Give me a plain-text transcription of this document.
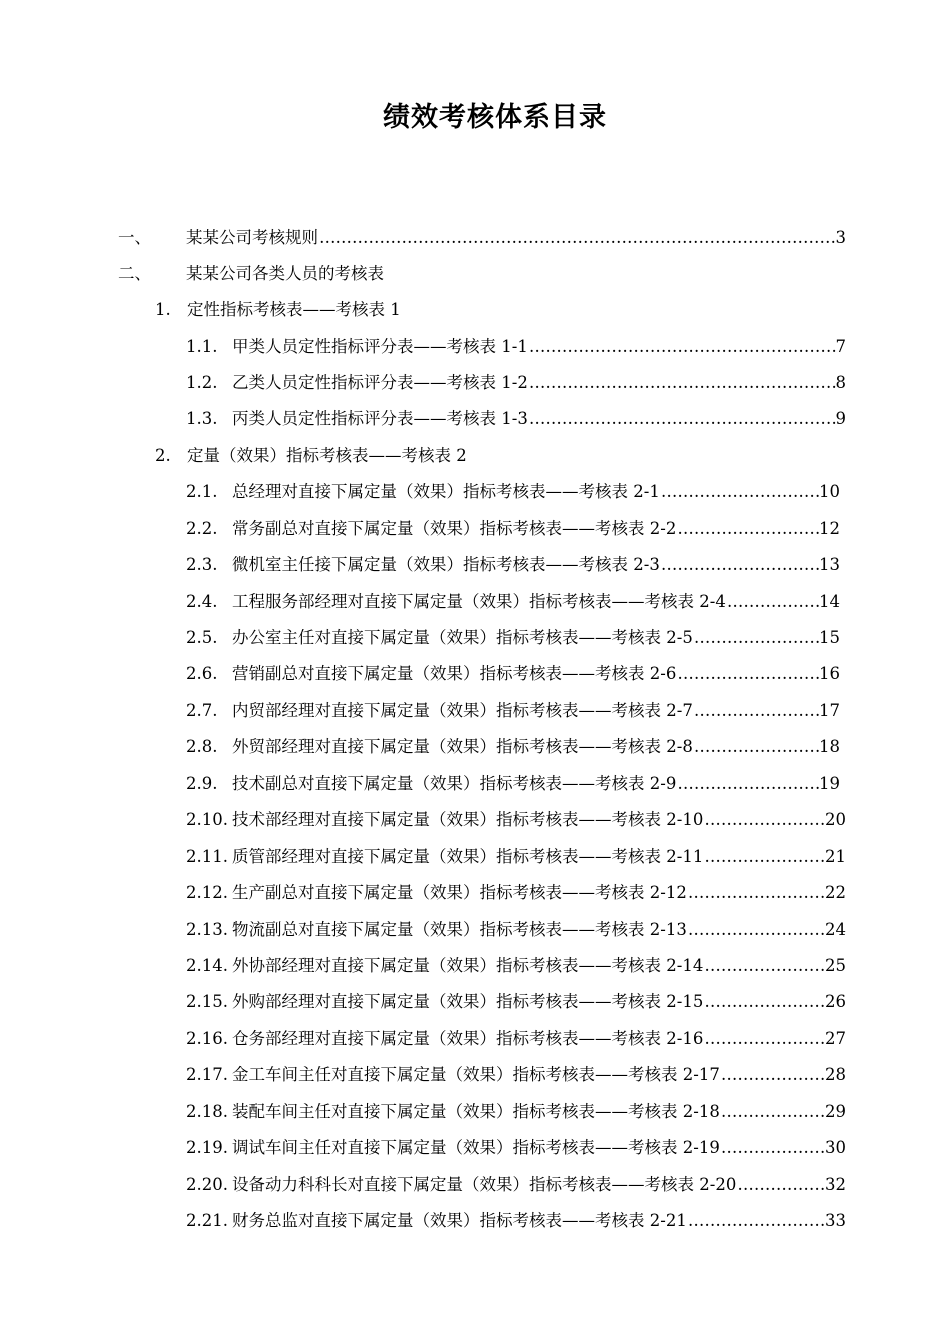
绩效考核体系目录
一、	某某公司考核规则 …………………………………………………………………………………………………………………………………………………………………………………………	3
二、	某某公司各类人员的考核表
1. 定性指标考核表——考核表 1
1.1. 甲类人员定性指标评分表——考核表 1-1 …………………………………………………………………………………………………………………………………………………………………………………………	7
1.2. 乙类人员定性指标评分表——考核表 1-2 …………………………………………………………………………………………………………………………………………………………………………………………	8
1.3. 丙类人员定性指标评分表——考核表 1-3 …………………………………………………………………………………………………………………………………………………………………………………………	9
2. 定量（效果）指标考核表——考核表 2
2.1. 总经理对直接下属定量（效果）指标考核表——考核表 2-1 …………………………………………………………………………………………………………………………………………………………………………………………	10
2.2. 常务副总对直接下属定量（效果）指标考核表——考核表 2-2 …………………………………………………………………………………………………………………………………………………………………………………………	12
2.3. 微机室主任接下属定量（效果）指标考核表——考核表 2-3 …………………………………………………………………………………………………………………………………………………………………………………………	13
2.4. 工程服务部经理对直接下属定量（效果）指标考核表——考核表 2-4 …………………………………………………………………………………………………………………………………………………………………………………………	14
2.5. 办公室主任对直接下属定量（效果）指标考核表——考核表 2-5 …………………………………………………………………………………………………………………………………………………………………………………………	15
2.6. 营销副总对直接下属定量（效果）指标考核表——考核表 2-6 …………………………………………………………………………………………………………………………………………………………………………………………	16
2.7. 内贸部经理对直接下属定量（效果）指标考核表——考核表 2-7 …………………………………………………………………………………………………………………………………………………………………………………………	17
2.8. 外贸部经理对直接下属定量（效果）指标考核表——考核表 2-8 …………………………………………………………………………………………………………………………………………………………………………………………	18
2.9. 技术副总对直接下属定量（效果）指标考核表——考核表 2-9 …………………………………………………………………………………………………………………………………………………………………………………………	19
2.10. 技术部经理对直接下属定量（效果）指标考核表——考核表 2-10 …………………………………………………………………………………………………………………………………………………………………………………………	20
2.11. 质管部经理对直接下属定量（效果）指标考核表——考核表 2-11 …………………………………………………………………………………………………………………………………………………………………………………………	21
2.12. 生产副总对直接下属定量（效果）指标考核表——考核表 2-12 …………………………………………………………………………………………………………………………………………………………………………………………	22
2.13. 物流副总对直接下属定量（效果）指标考核表——考核表 2-13 …………………………………………………………………………………………………………………………………………………………………………………………	24
2.14. 外协部经理对直接下属定量（效果）指标考核表——考核表 2-14 …………………………………………………………………………………………………………………………………………………………………………………………	25
2.15. 外购部经理对直接下属定量（效果）指标考核表——考核表 2-15 …………………………………………………………………………………………………………………………………………………………………………………………	26
2.16. 仓务部经理对直接下属定量（效果）指标考核表——考核表 2-16 …………………………………………………………………………………………………………………………………………………………………………………………	27
2.17. 金工车间主任对直接下属定量（效果）指标考核表——考核表 2-17 …………………………………………………………………………………………………………………………………………………………………………………………	28
2.18. 装配车间主任对直接下属定量（效果）指标考核表——考核表 2-18 …………………………………………………………………………………………………………………………………………………………………………………………	29
2.19. 调试车间主任对直接下属定量（效果）指标考核表——考核表 2-19 …………………………………………………………………………………………………………………………………………………………………………………………	30
2.20. 设备动力科科长对直接下属定量（效果）指标考核表——考核表 2-20 …………………………………………………………………………………………………………………………………………………………………………………………	32
2.21. 财务总监对直接下属定量（效果）指标考核表——考核表 2-21 …………………………………………………………………………………………………………………………………………………………………………………………	33
